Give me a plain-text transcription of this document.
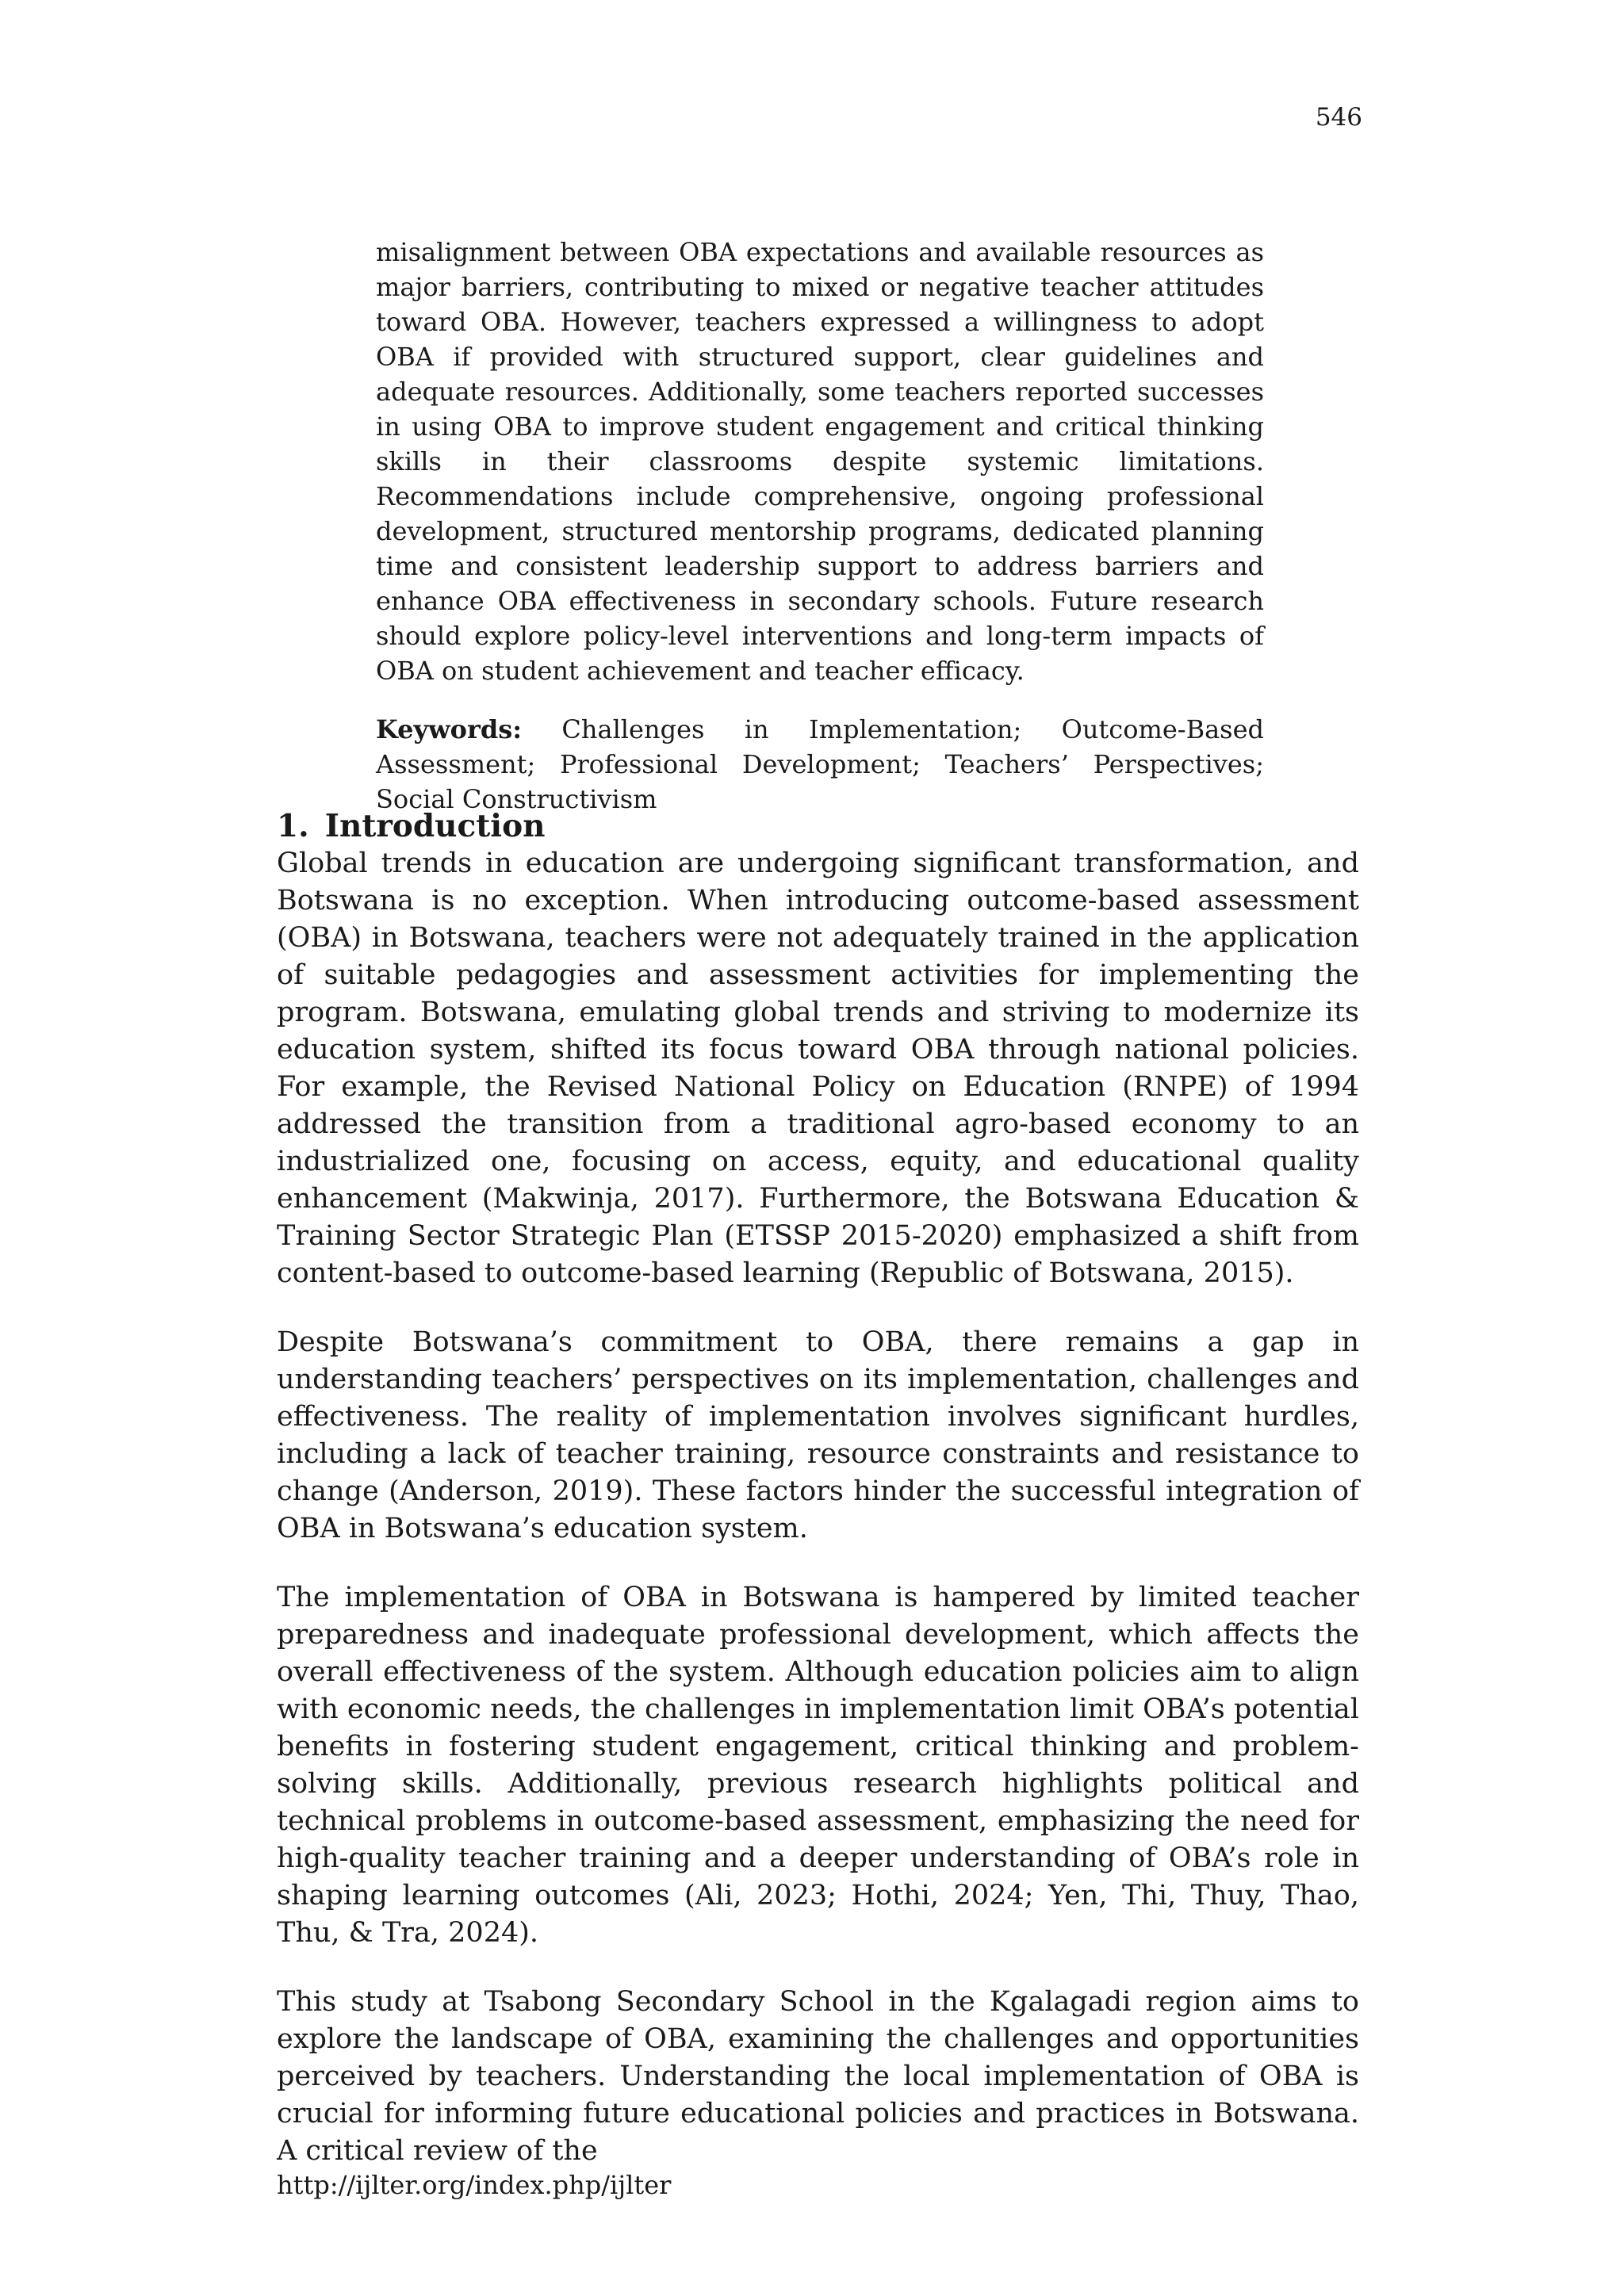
546

misalignment between OBA expectations and available resources as major barriers, contributing to mixed or negative teacher attitudes toward OBA. However, teachers expressed a willingness to adopt OBA if provided with structured support, clear guidelines and adequate resources. Additionally, some teachers reported successes in using OBA to improve student engagement and critical thinking skills in their classrooms despite systemic limitations. Recommendations include comprehensive, ongoing professional development, structured mentorship programs, dedicated planning time and consistent leadership support to address barriers and enhance OBA effectiveness in secondary schools. Future research should explore policy-level interventions and long-term impacts of OBA on student achievement and teacher efficacy.

Keywords: Challenges in Implementation; Outcome-Based Assessment; Professional Development; Teachers’ Perspectives; Social Constructivism

1. Introduction

Global trends in education are undergoing significant transformation, and Botswana is no exception. When introducing outcome-based assessment (OBA) in Botswana, teachers were not adequately trained in the application of suitable pedagogies and assessment activities for implementing the program. Botswana, emulating global trends and striving to modernize its education system, shifted its focus toward OBA through national policies. For example, the Revised National Policy on Education (RNPE) of 1994 addressed the transition from a traditional agro-based economy to an industrialized one, focusing on access, equity, and educational quality enhancement (Makwinja, 2017). Furthermore, the Botswana Education & Training Sector Strategic Plan (ETSSP 2015-2020) emphasized a shift from content-based to outcome-based learning (Republic of Botswana, 2015).

Despite Botswana’s commitment to OBA, there remains a gap in understanding teachers’ perspectives on its implementation, challenges and effectiveness. The reality of implementation involves significant hurdles, including a lack of teacher training, resource constraints and resistance to change (Anderson, 2019). These factors hinder the successful integration of OBA in Botswana’s education system.

The implementation of OBA in Botswana is hampered by limited teacher preparedness and inadequate professional development, which affects the overall effectiveness of the system. Although education policies aim to align with economic needs, the challenges in implementation limit OBA’s potential benefits in fostering student engagement, critical thinking and problem-solving skills. Additionally, previous research highlights political and technical problems in outcome-based assessment, emphasizing the need for high-quality teacher training and a deeper understanding of OBA’s role in shaping learning outcomes (Ali, 2023; Hothi, 2024; Yen, Thi, Thuy, Thao, Thu, & Tra, 2024).

This study at Tsabong Secondary School in the Kgalagadi region aims to explore the landscape of OBA, examining the challenges and opportunities perceived by teachers. Understanding the local implementation of OBA is crucial for informing future educational policies and practices in Botswana. A critical review of the

http://ijlter.org/index.php/ijlter
